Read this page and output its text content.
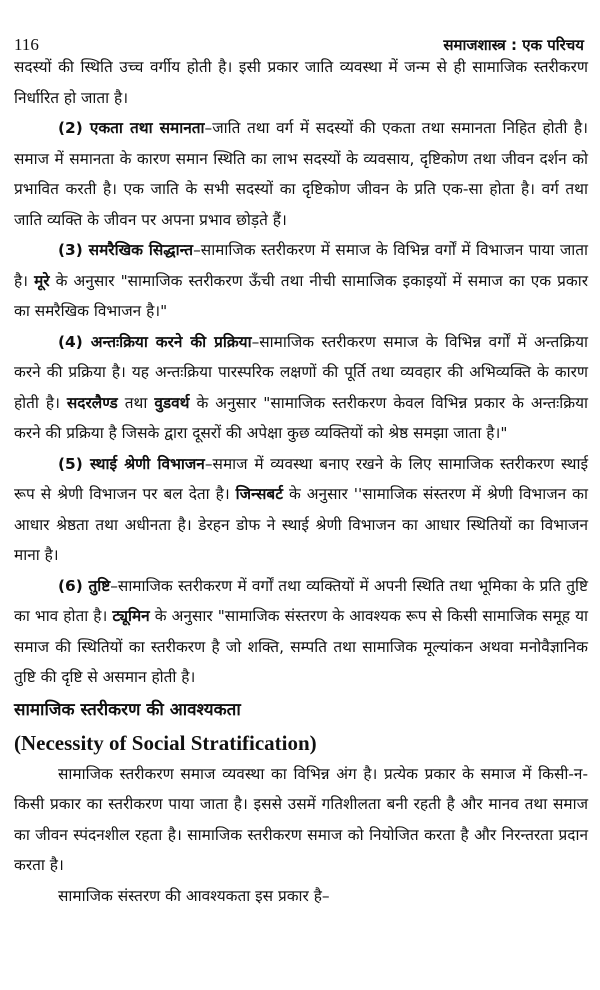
116	समाजशास्त्र : एक परिचय

सदस्यों की स्थिति उच्च वर्गीय होती है। इसी प्रकार जाति व्यवस्था में जन्म से ही सामाजिक स्तरीकरण निर्धारित हो जाता है।

(2) एकता तथा समानता–जाति तथा वर्ग में सदस्यों की एकता तथा समानता निहित होती है। समाज में समानता के कारण समान स्थिति का लाभ सदस्यों के व्यवसाय, दृष्टिकोण तथा जीवन दर्शन को प्रभावित करती है। एक जाति के सभी सदस्यों का दृष्टिकोण जीवन के प्रति एक-सा होता है। वर्ग तथा जाति व्यक्ति के जीवन पर अपना प्रभाव छोड़ते हैं।

(3) समरैखिक सिद्धान्त–सामाजिक स्तरीकरण में समाज के विभिन्न वर्गों में विभाजन पाया जाता है। मूरे के अनुसार "सामाजिक स्तरीकरण ऊँची तथा नीची सामाजिक इकाइयों में समाज का एक प्रकार का समरैखिक विभाजन है।"

(4) अन्तःक्रिया करने की प्रक्रिया–सामाजिक स्तरीकरण समाज के विभिन्न वर्गों में अन्तक्रिया करने की प्रक्रिया है। यह अन्तःक्रिया पारस्परिक लक्षणों की पूर्ति तथा व्यवहार की अभिव्यक्ति के कारण होती है। सदरलैण्ड तथा वुडवर्थ के अनुसार "सामाजिक स्तरीकरण केवल विभिन्न प्रकार के अन्तःक्रिया करने की प्रक्रिया है जिसके द्वारा दूसरों की अपेक्षा कुछ व्यक्तियों को श्रेष्ठ समझा जाता है।"

(5) स्थाई श्रेणी विभाजन–समाज में व्यवस्था बनाए रखने के लिए सामाजिक स्तरीकरण स्थाई रूप से श्रेणी विभाजन पर बल देता है। जिन्सबर्ट के अनुसार ''सामाजिक संस्तरण में श्रेणी विभाजन का आधार श्रेष्ठता तथा अधीनता है। डेरहन डोफ ने स्थाई श्रेणी विभाजन का आधार स्थितियों का विभाजन माना है।

(6) तुष्टि–सामाजिक स्तरीकरण में वर्गों तथा व्यक्तियों में अपनी स्थिति तथा भूमिका के प्रति तुष्टि का भाव होता है। ट्यूमिन के अनुसार "सामाजिक संस्तरण के आवश्यक रूप से किसी सामाजिक समूह या समाज की स्थितियों का स्तरीकरण है जो शक्ति, सम्पति तथा सामाजिक मूल्यांकन अथवा मनोवैज्ञानिक तुष्टि की दृष्टि से असमान होती है।

सामाजिक स्तरीकरण की आवश्यकता
(Necessity of Social Stratification)

सामाजिक स्तरीकरण समाज व्यवस्था का विभिन्न अंग है। प्रत्येक प्रकार के समाज में किसी-न-किसी प्रकार का स्तरीकरण पाया जाता है। इससे उसमें गतिशीलता बनी रहती है और मानव तथा समाज का जीवन स्पंदनशील रहता है। सामाजिक स्तरीकरण समाज को नियोजित करता है और निरन्तरता प्रदान करता है।

सामाजिक संस्तरण की आवश्यकता इस प्रकार है–
